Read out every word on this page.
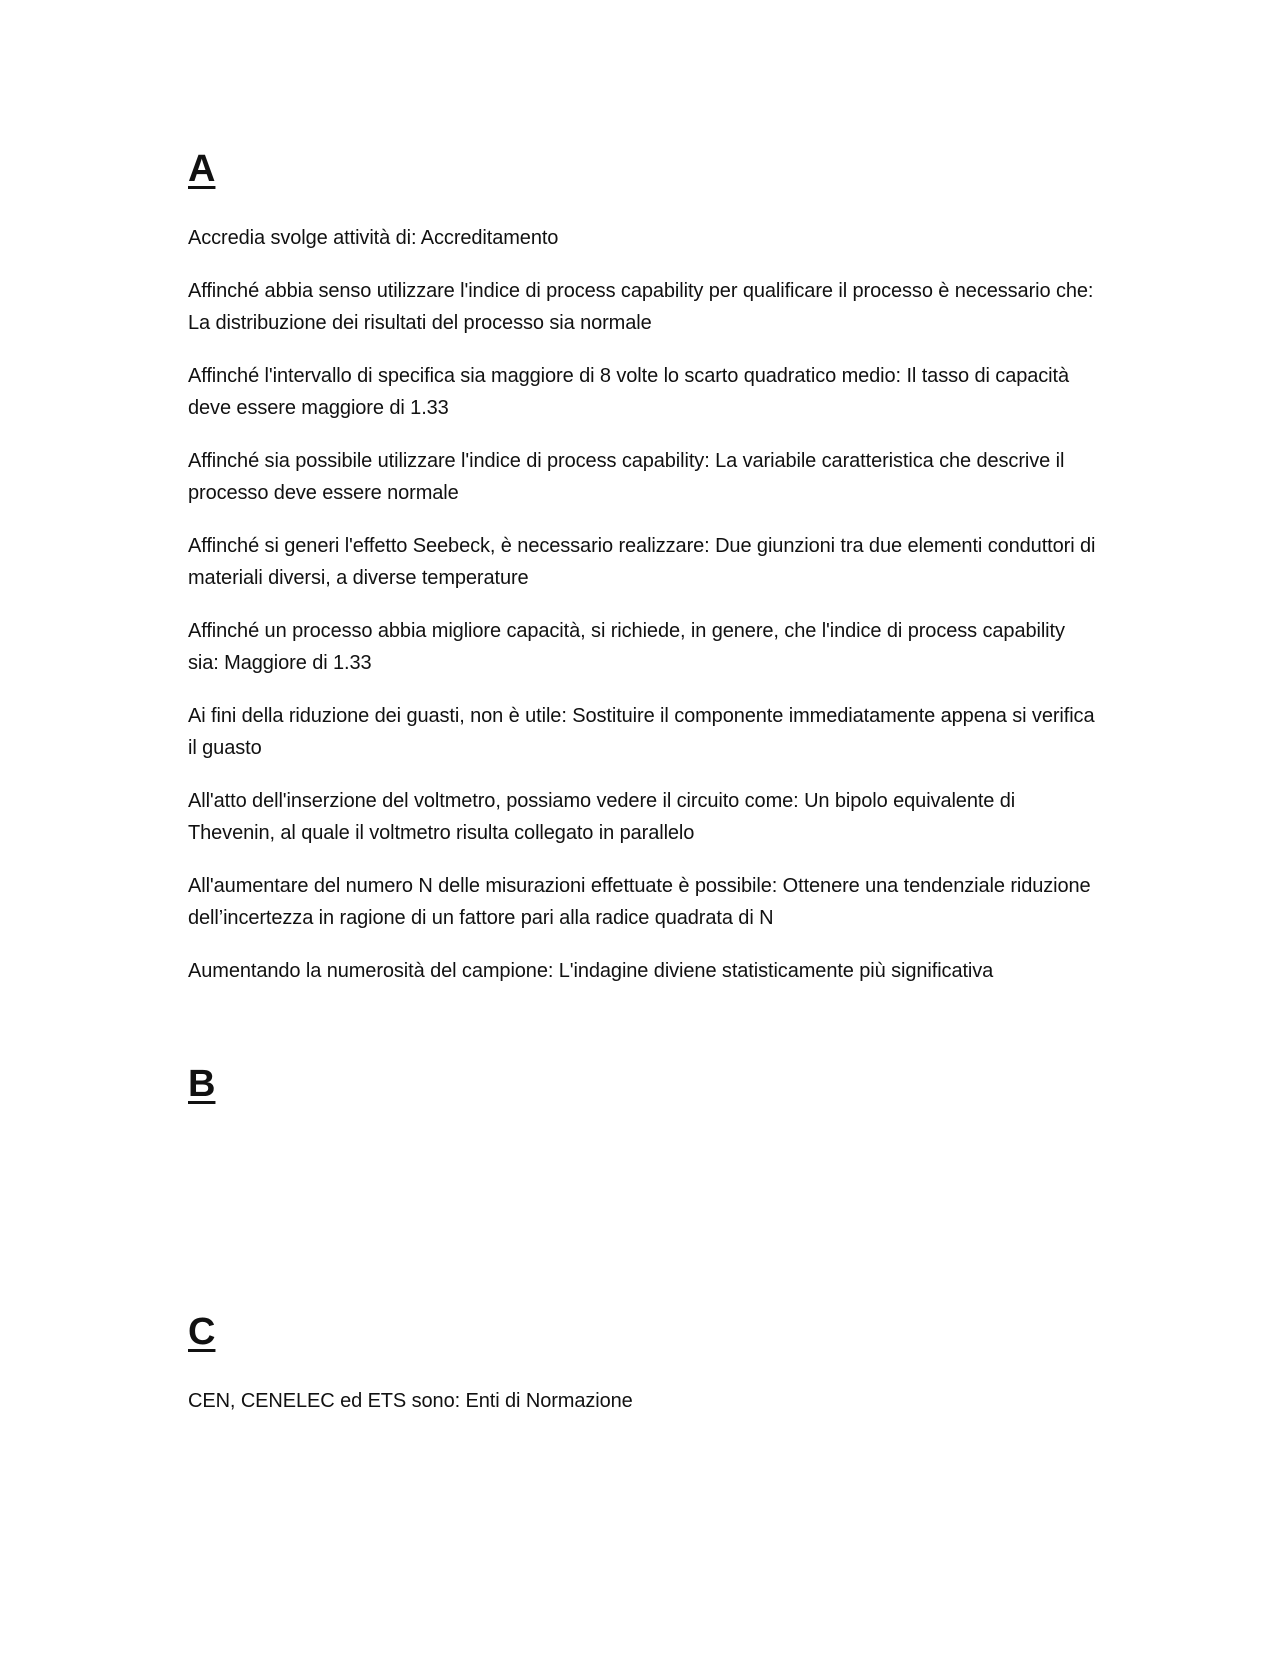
A

Accredia svolge attività di: Accreditamento

Affinché abbia senso utilizzare l'indice di process capability per qualificare il processo è necessario che: La distribuzione dei risultati del processo sia normale

Affinché l'intervallo di specifica sia maggiore di 8 volte lo scarto quadratico medio: Il tasso di capacità deve essere maggiore di 1.33

Affinché sia possibile utilizzare l'indice di process capability: La variabile caratteristica che descrive il processo deve essere normale

Affinché si generi l'effetto Seebeck, è necessario realizzare: Due giunzioni tra due elementi conduttori di materiali diversi, a diverse temperature

Affinché un processo abbia migliore capacità, si richiede, in genere, che l'indice di process capability sia: Maggiore di 1.33

Ai fini della riduzione dei guasti, non è utile: Sostituire il componente immediatamente appena si verifica il guasto

All'atto dell'inserzione del voltmetro, possiamo vedere il circuito come: Un bipolo equivalente di Thevenin, al quale il voltmetro risulta collegato in parallelo

All'aumentare del numero N delle misurazioni effettuate è possibile: Ottenere una tendenziale riduzione dell’incertezza in ragione di un fattore pari alla radice quadrata di N

Aumentando la numerosità del campione: L'indagine diviene statisticamente più significativa

B
C

CEN, CENELEC ed ETS sono: Enti di Normazione
